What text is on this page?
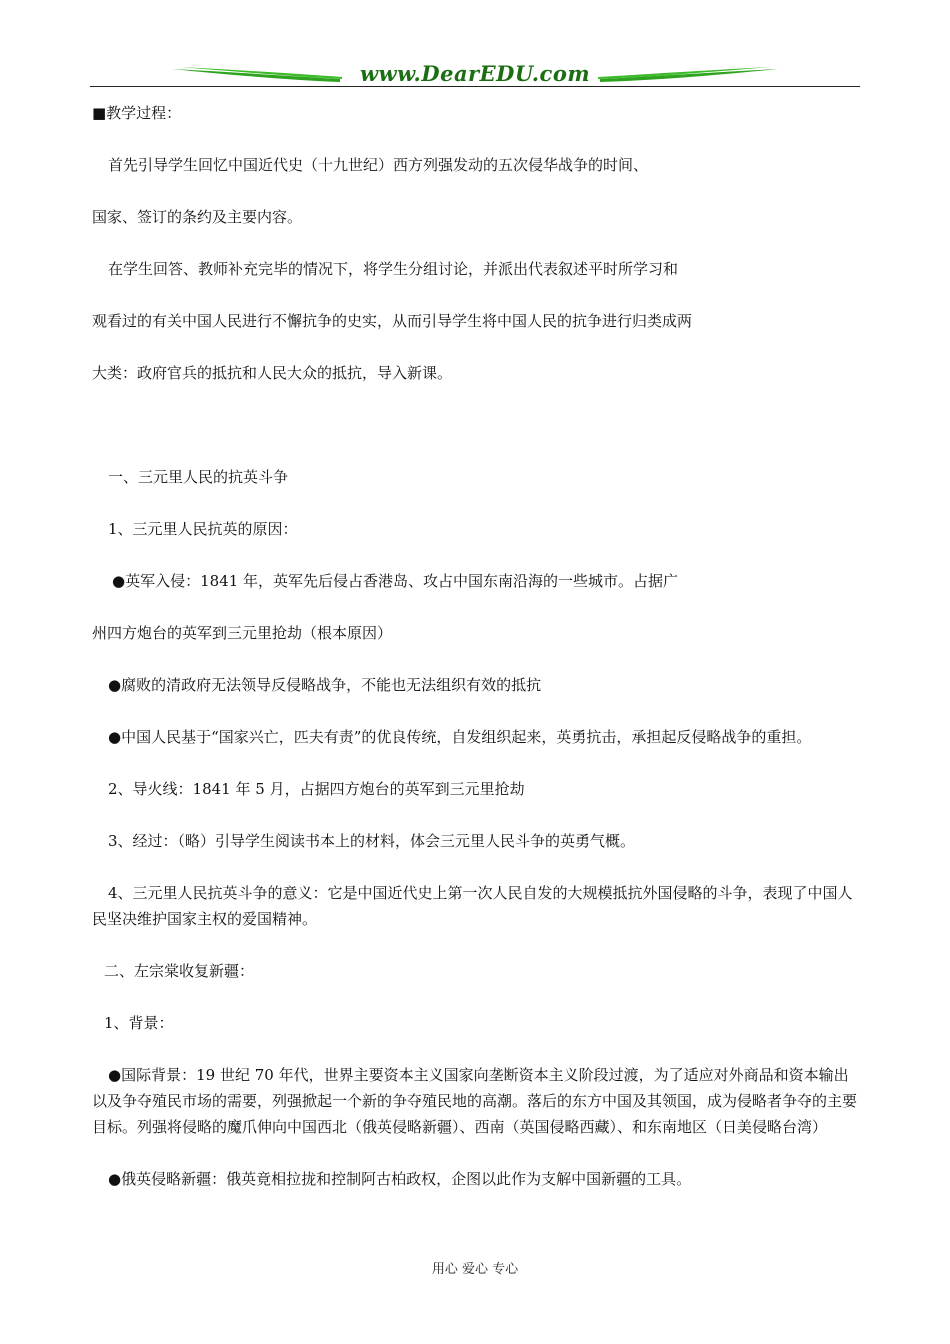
www.DearEDU.com

■教学过程：

首先引导学生回忆中国近代史（十九世纪）西方列强发动的五次侵华战争的时间、

国家、签订的条约及主要内容。

在学生回答、教师补充完毕的情况下，将学生分组讨论，并派出代表叙述平时所学习和

观看过的有关中国人民进行不懈抗争的史实，从而引导学生将中国人民的抗争进行归类成两

大类：政府官兵的抵抗和人民大众的抵抗，导入新课。

一、三元里人民的抗英斗争

1、三元里人民抗英的原因：

●英军入侵：1841 年，英军先后侵占香港岛、攻占中国东南沿海的一些城市。占据广

州四方炮台的英军到三元里抢劫（根本原因）

●腐败的清政府无法领导反侵略战争，不能也无法组织有效的抵抗

●中国人民基于“国家兴亡，匹夫有责”的优良传统，自发组织起来，英勇抗击，承担起反侵略战争的重担。

2、导火线：1841 年 5 月，占据四方炮台的英军到三元里抢劫

3、经过：（略）引导学生阅读书本上的材料，体会三元里人民斗争的英勇气概。

4、三元里人民抗英斗争的意义：它是中国近代史上第一次人民自发的大规模抵抗外国侵略的斗争，表现了中国人民坚决维护国家主权的爱国精神。

二、左宗棠收复新疆：

1、背景：

●国际背景：19 世纪 70 年代，世界主要资本主义国家向垄断资本主义阶段过渡，为了适应对外商品和资本输出以及争夺殖民市场的需要，列强掀起一个新的争夺殖民地的高潮。落后的东方中国及其领国，成为侵略者争夺的主要目标。列强将侵略的魔爪伸向中国西北（俄英侵略新疆）、西南（英国侵略西藏）、和东南地区（日美侵略台湾）

●俄英侵略新疆：俄英竟相拉拢和控制阿古柏政权，企图以此作为支解中国新疆的工具。

用心 爱心 专心
